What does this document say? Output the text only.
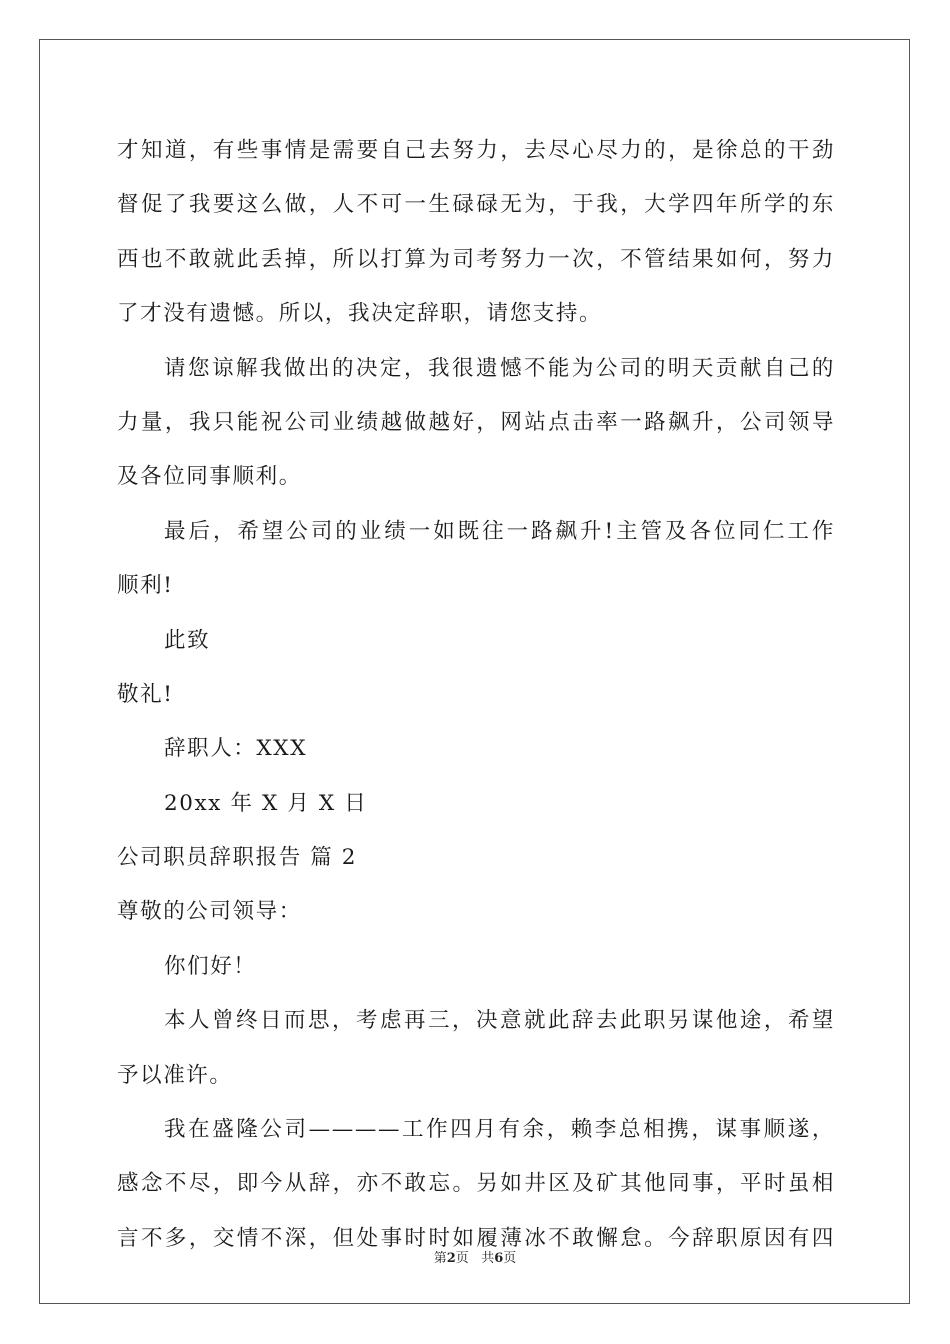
才知道，有些事情是需要自己去努力，去尽心尽力的，是徐总的干劲
督促了我要这么做，人不可一生碌碌无为，于我，大学四年所学的东
西也不敢就此丢掉，所以打算为司考努力一次，不管结果如何，努力
了才没有遗憾。所以，我决定辞职，请您支持。
请您谅解我做出的决定，我很遗憾不能为公司的明天贡献自己的
力量，我只能祝公司业绩越做越好，网站点击率一路飙升，公司领导
及各位同事顺利。
最后，希望公司的业绩一如既往一路飙升!主管及各位同仁工作
顺利!
此致
敬礼!
辞职人：XXX
20xx 年 X 月 X 日
公司职员辞职报告 篇 2
尊敬的公司领导：
你们好！
本人曾终日而思，考虑再三，决意就此辞去此职另谋他途，希望
予以准许。
我在盛隆公司————工作四月有余，赖李总相携，谋事顺遂，
感念不尽，即今从辞，亦不敢忘。另如井区及矿其他同事，平时虽相
言不多，交情不深，但处事时时如履薄冰不敢懈怠。今辞职原因有四
第2页 共6页
